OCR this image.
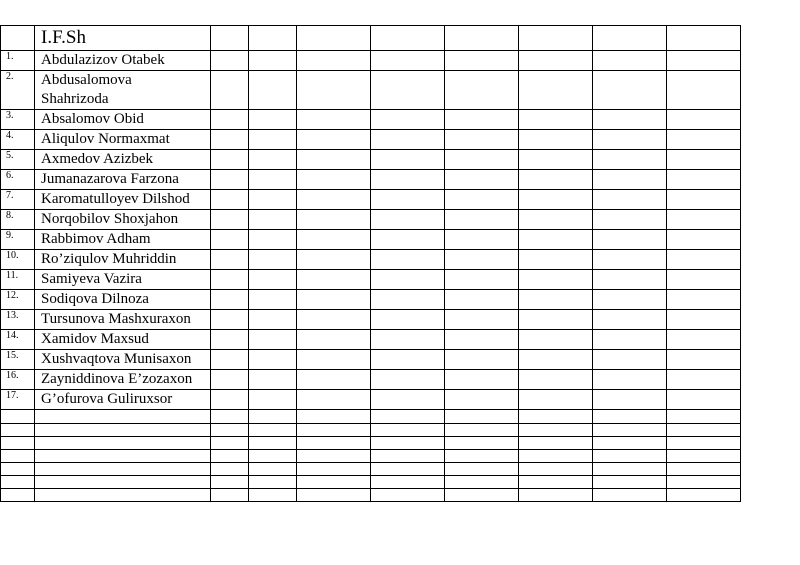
	I.F.Sh								
1.	Abdulazizov Otabek								
2.	Abdusalomova
Shahrizoda								
3.	Absalomov Obid								
4.	Aliqulov Normaxmat								
5.	Axmedov Azizbek								
6.	Jumanazarova Farzona								
7.	Karomatulloyev Dilshod								
8.	Norqobilov Shoxjahon								
9.	Rabbimov Adham								
10.	Ro’ziqulov Muhriddin								
11.	Samiyeva Vazira								
12.	Sodiqova Dilnoza								
13.	Tursunova Mashxuraxon								
14.	Xamidov Maxsud								
15.	Xushvaqtova Munisaxon								
16.	Zayniddinova E’zozaxon								
17.	G’ofurova Guliruxsor								
